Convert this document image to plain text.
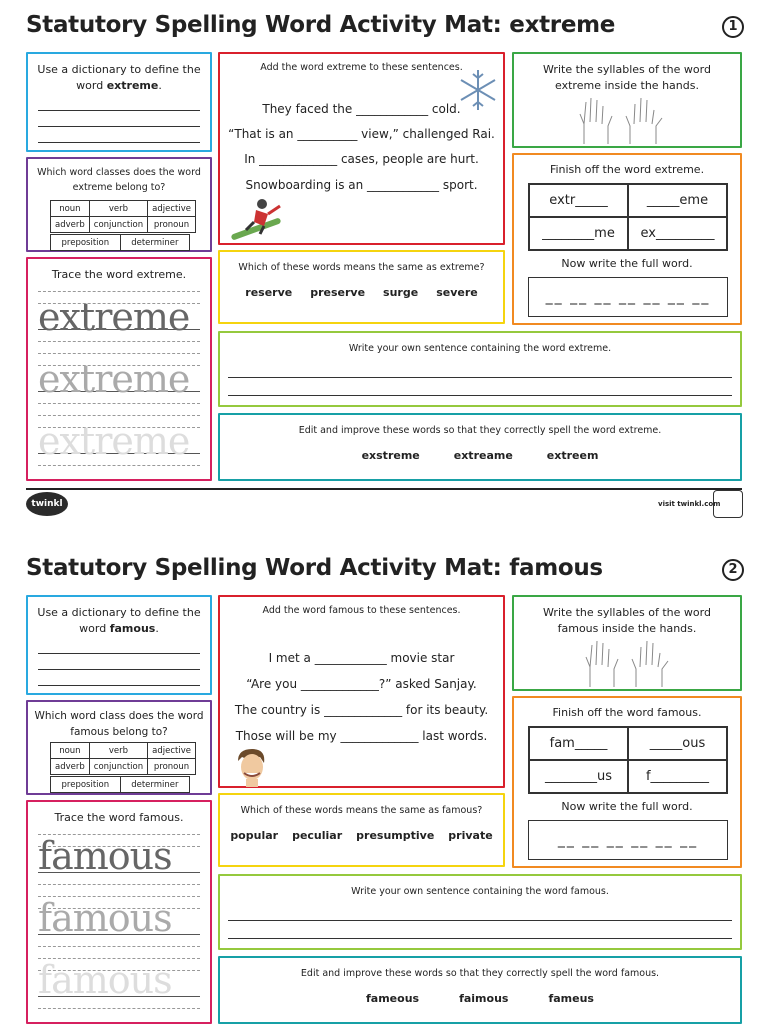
Statutory Spelling Word Activity Mat: extreme	1
Use a dictionary to define the word extreme.
Which word classes does the word extreme belong to?
noun	verb	adjective
adverb	conjunction	pronoun
preposition	determiner
Trace the word extreme.
extreme
extreme
extreme
Add the word extreme to these sentences.
They faced the ____________ cold.
“That is an __________ view,” challenged Rai.
In _____________ cases, people are hurt.
Snowboarding is an ____________ sport.
Which of these words means the same as extreme?
reserve preserve surge severe
Write the syllables of the word extreme inside the hands.
Finish off the word extreme.
extr_____	_____eme
________me	ex_________
Now write the full word.
__ __ __ __ __ __ __
Write your own sentence containing the word extreme.
Edit and improve these words so that they correctly spell the word extreme.
exstreme	extreame	extreem
twinkl	visit twinkl.com
Statutory Spelling Word Activity Mat: famous	2
Use a dictionary to define the word famous.
Which word class does the word famous belong to?
noun	verb	adjective
adverb	conjunction	pronoun
preposition	determiner
Trace the word famous.
famous
famous
famous
Add the word famous to these sentences.
I met a ____________ movie star
“Are you _____________?” asked Sanjay.
The country is _____________ for its beauty.
Those will be my _____________ last words.
Which of these words means the same as famous?
popular peculiar presumptive private
Write the syllables of the word famous inside the hands.
Finish off the word famous.
fam_____	_____ous
________us	f_________
Now write the full word.
__ __ __ __ __ __
Write your own sentence containing the word famous.
Edit and improve these words so that they correctly spell the word famous.
fameous	faimous	fameus
